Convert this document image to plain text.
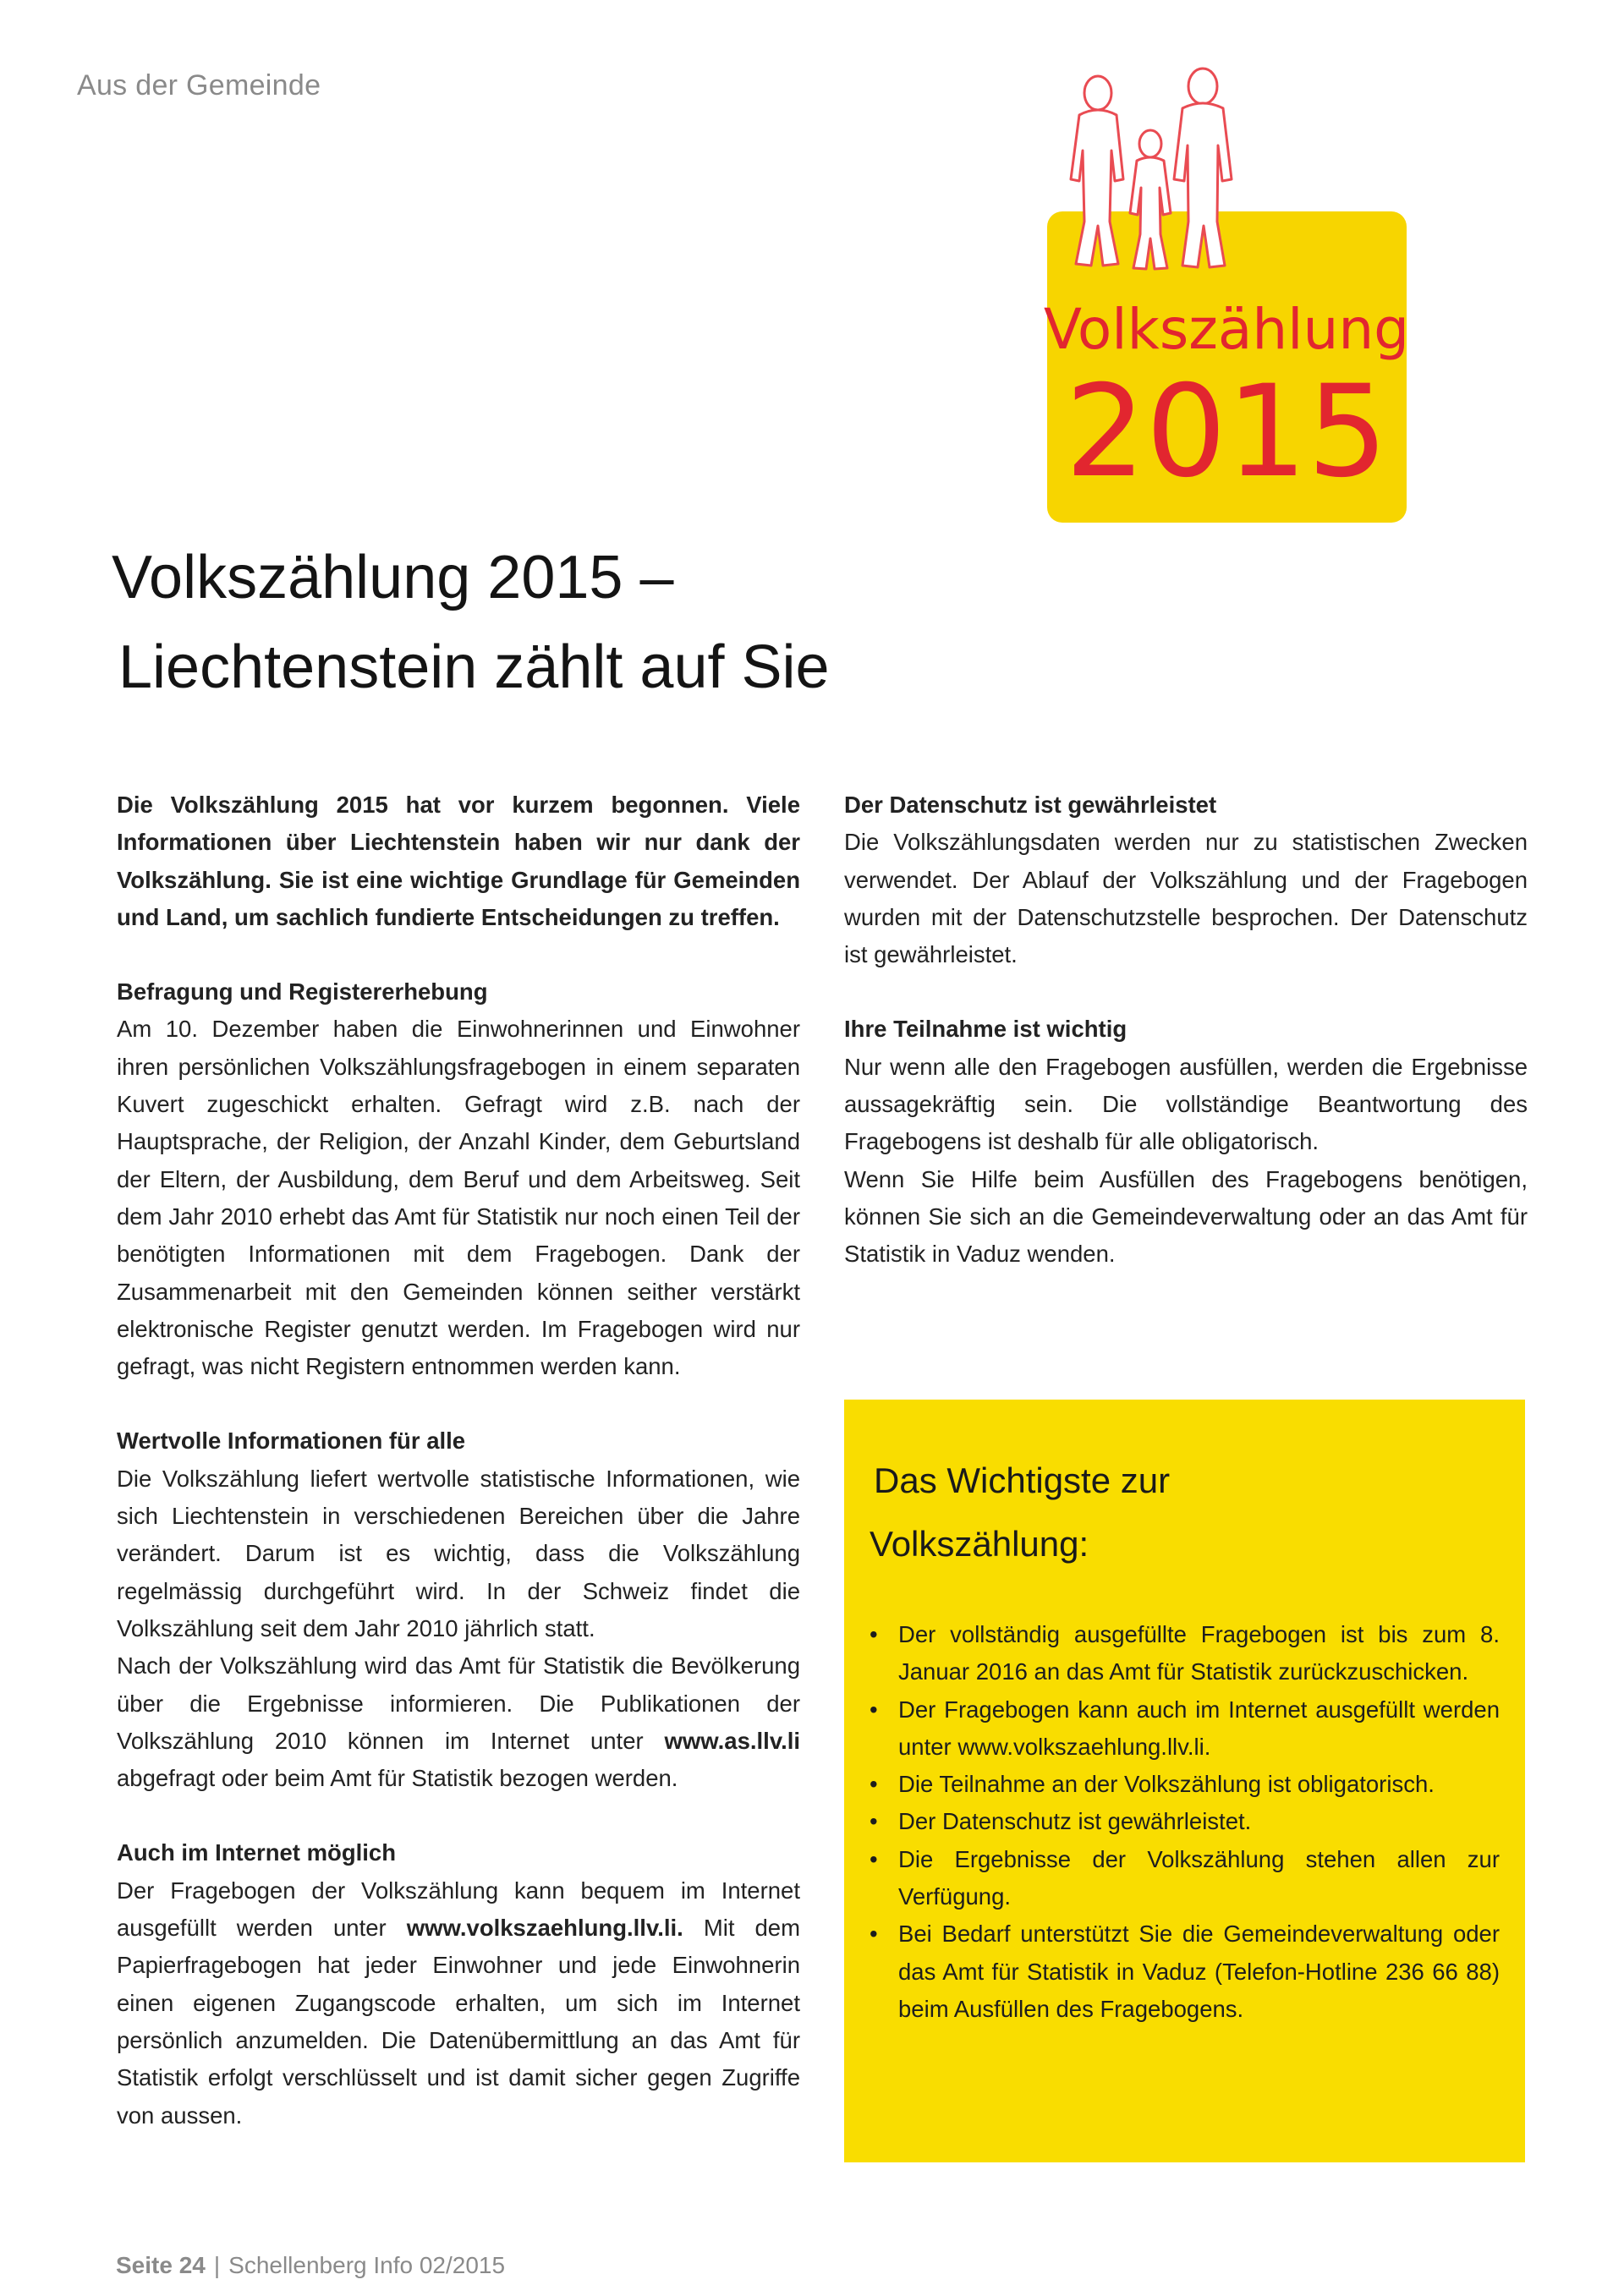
Aus der Gemeinde
Volkszählung
2015
Volkszählung 2015 –
Liechtenstein zählt auf Sie

Die Volkszählung 2015 hat vor kurzem begonnen. Viele Informationen über Liechtenstein haben wir nur dank der Volkszählung. Sie ist eine wichtige Grundlage für Gemeinden und Land, um sachlich fundierte Entscheidungen zu treffen.

Befragung und Registererhebung

Am 10. Dezember haben die Einwohnerinnen und Einwohner ihren persönlichen Volkszählungsfragebogen in einem separaten Kuvert zugeschickt erhalten. Gefragt wird z.B. nach der Hauptsprache, der Religion, der Anzahl Kinder, dem Geburtsland der Eltern, der Ausbildung, dem Beruf und dem Arbeitsweg. Seit dem Jahr 2010 erhebt das Amt für Statistik nur noch einen Teil der benötigten Informationen mit dem Fragebogen. Dank der Zusammenarbeit mit den Gemeinden können seither verstärkt elektronische Register genutzt werden. Im Fragebogen wird nur gefragt, was nicht Registern entnommen werden kann.

Wertvolle Informationen für alle

Die Volkszählung liefert wertvolle statistische Informationen, wie sich Liechtenstein in verschiedenen Bereichen über die Jahre verändert. Darum ist es wichtig, dass die Volkszählung regelmässig durchgeführt wird. In der Schweiz findet die Volkszählung seit dem Jahr 2010 jährlich statt.

Nach der Volkszählung wird das Amt für Statistik die Bevölkerung über die Ergebnisse informieren. Die Publikationen der Volkszählung 2010 können im Internet unter www.as.llv.li abgefragt oder beim Amt für Statistik bezogen werden.

Auch im Internet möglich

Der Fragebogen der Volkszählung kann bequem im Internet ausgefüllt werden unter www.volkszaehlung.llv.li. Mit dem Papierfragebogen hat jeder Einwohner und jede Einwohnerin einen eigenen Zugangscode erhalten, um sich im Internet persönlich anzumelden. Die Datenübermittlung an das Amt für Statistik erfolgt verschlüsselt und ist damit sicher gegen Zugriffe von aussen.

Der Datenschutz ist gewährleistet

Die Volkszählungsdaten werden nur zu statistischen Zwecken verwendet. Der Ablauf der Volkszählung und der Fragebogen wurden mit der Datenschutzstelle besprochen. Der Datenschutz ist gewährleistet.

Ihre Teilnahme ist wichtig

Nur wenn alle den Fragebogen ausfüllen, werden die Ergebnisse aussagekräftig sein. Die vollständige Beantwortung des Fragebogens ist deshalb für alle obligatorisch.

Wenn Sie Hilfe beim Ausfüllen des Fragebogens benötigen, können Sie sich an die Gemeindeverwaltung oder an das Amt für Statistik in Vaduz wenden.

Das Wichtigste zur
Volkszählung:
• Der vollständig ausgefüllte Fragebogen ist bis zum 8. Januar 2016 an das Amt für Statistik zurückzuschicken.
• Der Fragebogen kann auch im Internet ausgefüllt werden unter www.volkszaehlung.llv.li.
• Die Teilnahme an der Volkszählung ist obligatorisch.
• Der Datenschutz ist gewährleistet.
• Die Ergebnisse der Volkszählung stehen allen zur Verfügung.
• Bei Bedarf unterstützt Sie die Gemeindeverwaltung oder das Amt für Statistik in Vaduz (Telefon-Hotline 236 66 88) beim Ausfüllen des Fragebogens.
Seite 24 | Schellenberg Info 02/2015
